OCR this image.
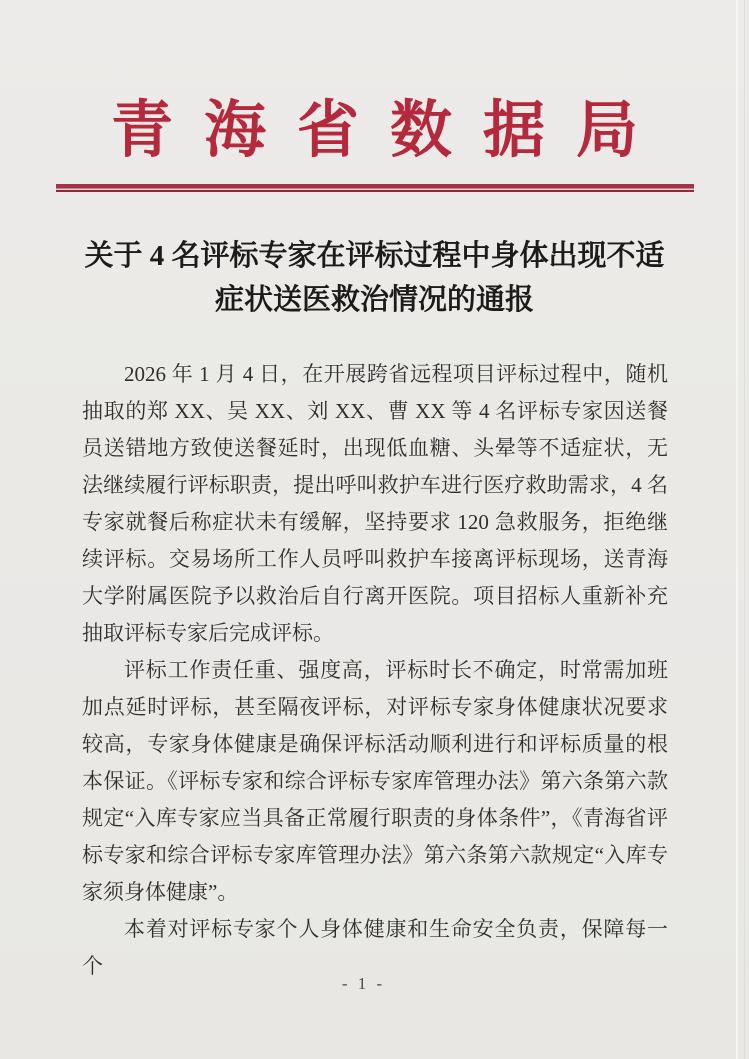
青海省数据局
关于 4 名评标专家在评标过程中身体出现不适
症状送医救治情况的通报

2026 年 1 月 4 日，在开展跨省远程项目评标过程中，随机抽取的郑 XX、吴 XX、刘 XX、曹 XX 等 4 名评标专家因送餐员送错地方致使送餐延时，出现低血糖、头晕等不适症状，无法继续履行评标职责，提出呼叫救护车进行医疗救助需求，4 名专家就餐后称症状未有缓解，坚持要求 120 急救服务，拒绝继续评标。交易场所工作人员呼叫救护车接离评标现场，送青海大学附属医院予以救治后自行离开医院。项目招标人重新补充抽取评标专家后完成评标。

评标工作责任重、强度高，评标时长不确定，时常需加班加点延时评标，甚至隔夜评标，对评标专家身体健康状况要求较高，专家身体健康是确保评标活动顺利进行和评标质量的根本保证。《评标专家和综合评标专家库管理办法》第六条第六款规定“入库专家应当具备正常履行职责的身体条件”，《青海省评标专家和综合评标专家库管理办法》第六条第六款规定“入库专家须身体健康”。

本着对评标专家个人身体健康和生命安全负责，保障每一个

- 1 -
